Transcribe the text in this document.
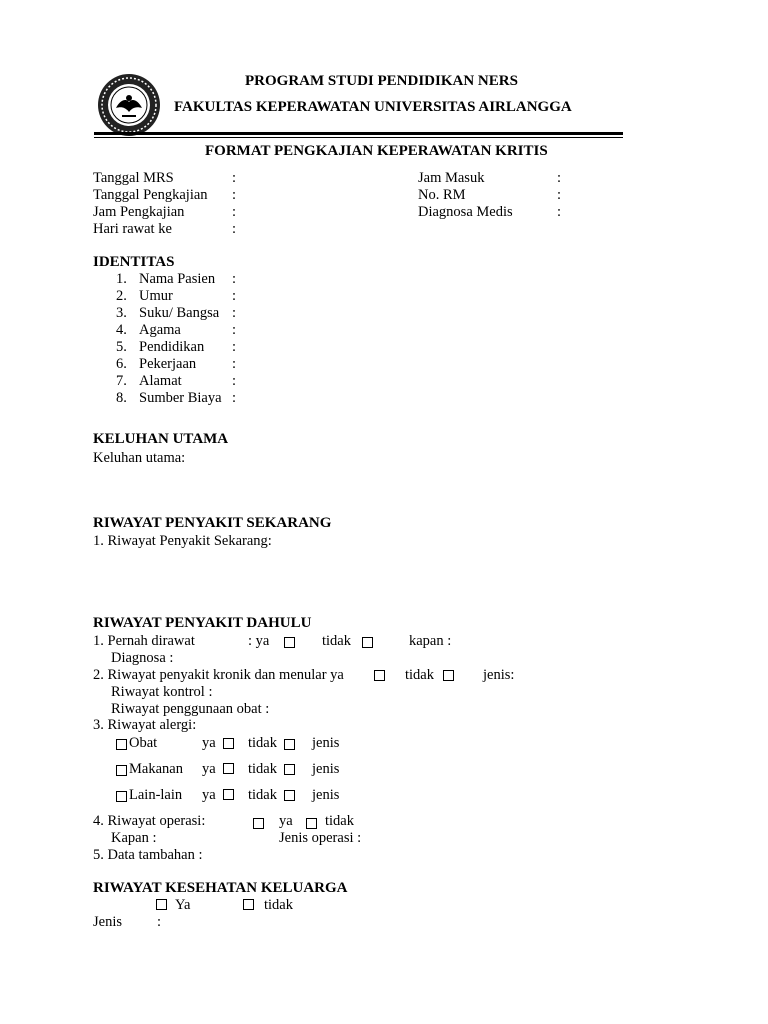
PROGRAM STUDI PENDIDIKAN NERS
FAKULTAS KEPERAWATAN UNIVERSITAS AIRLANGGA
FORMAT PENGKAJIAN KEPERAWATAN KRITIS
Tanggal MRS	:
Tanggal Pengkajian :
Jam Pengkajian	:
Hari rawat ke	:
Jam Masuk	:
No. RM	:
Diagnosa Medis	:
IDENTITAS
1. Nama Pasien :
2. Umur	:
3. Suku/ Bangsa :
4. Agama	:
5. Pendidikan :
6. Pekerjaan :
7. Alamat	:
8. Sumber Biaya :
KELUHAN UTAMA
Keluhan utama:
RIWAYAT PENYAKIT SEKARANG
1. Riwayat Penyakit Sekarang:
RIWAYAT PENYAKIT DAHULU
1. Pernah dirawat	: ya	tidak	kapan :
Diagnosa :
2. Riwayat penyakit kronik dan menular ya	tidak	jenis:
Riwayat kontrol :
Riwayat penggunaan obat :
3. Riwayat alergi:
Obat	ya tidak jenis
Makanan ya tidak jenis
Lain-lain ya tidak jenis
4. Riwayat operasi:	ya tidak
Kapan :	Jenis operasi :
5. Data tambahan :
RIWAYAT KESEHATAN KELUARGA
Ya	tidak
Jenis :
